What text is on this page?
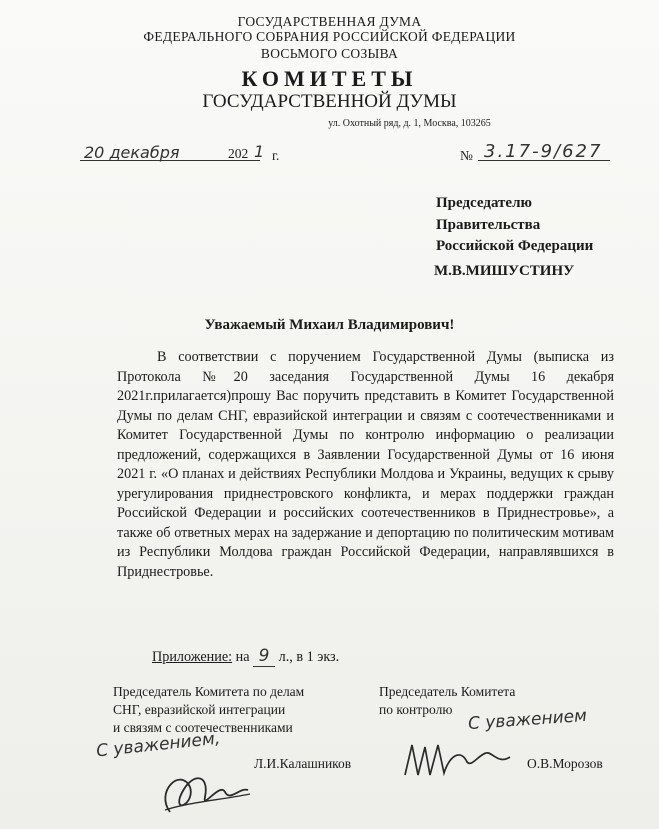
ГОСУДАРСТВЕННАЯ ДУМА
ФЕДЕРАЛЬНОГО СОБРАНИЯ РОССИЙСКОЙ ФЕДЕРАЦИИ
ВОСЬМОГО СОЗЫВА
КОМИТЕТЫ
ГОСУДАРСТВЕННОЙ ДУМЫ
ул. Охотный ряд, д. 1, Москва, 103265
20 декабря	202 1 г.	№ 3.17-9/627
Председателю
Правительства
Российской Федерации
М.В.МИШУСТИНУ
Уважаемый Михаил Владимирович!

В соответствии с поручением Государственной Думы (выписка из Протокола №20 заседания Государственной Думы 16 декабря 2021г.прилагается)прошу Вас поручить представить в Комитет Государственной Думы по делам СНГ, евразийской интеграции и связям с соотечественниками и Комитет Государственной Думы по контролю информацию о реализации предложений, содержащихся в Заявлении Государственной Думы от 16 июня 2021 г. «О планах и действиях Республики Молдова и Украины, ведущих к срыву урегулирования приднестровского конфликта, и мерах поддержки граждан Российской Федерации и российских соотечественников в Приднестровье», а также об ответных мерах на задержание и депортацию по политическим мотивам из Республики Молдова граждан Российской Федерации, направлявшихся в Приднестровье.

Приложение: на 9 л., в 1 экз.
Председатель Комитета по делам
СНГ, евразийской интеграции
и связям с соотечественниками
С уважением,
Л.И.Калашников
Председатель Комитета
по контролю С уважением
О.В.Морозов
